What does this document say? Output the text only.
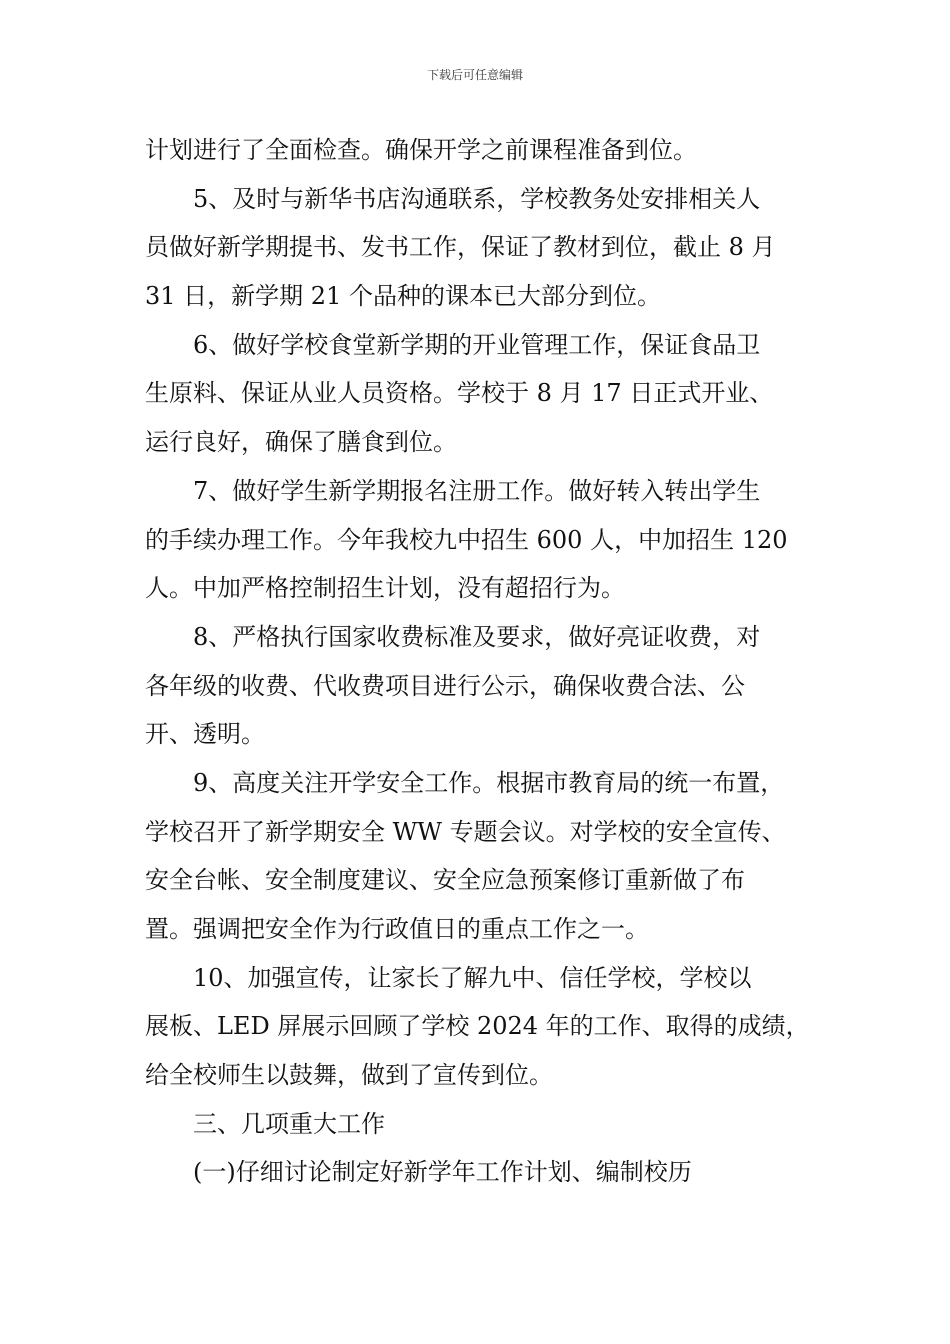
下载后可任意编辑
计划进行了全面检查。确保开学之前课程准备到位。
5、及时与新华书店沟通联系，学校教务处安排相关人
员做好新学期提书、发书工作，保证了教材到位，截止 8 月
31 日，新学期 21 个品种的课本已大部分到位。
6、做好学校食堂新学期的开业管理工作，保证食品卫
生原料、保证从业人员资格。学校于 8 月 17 日正式开业、
运行良好，确保了膳食到位。
7、做好学生新学期报名注册工作。做好转入转出学生
的手续办理工作。今年我校九中招生 600 人，中加招生 120
人。中加严格控制招生计划，没有超招行为。
8、严格执行国家收费标准及要求，做好亮证收费，对
各年级的收费、代收费项目进行公示，确保收费合法、公
开、透明。
9、高度关注开学安全工作。根据市教育局的统一布置，
学校召开了新学期安全 WW 专题会议。对学校的安全宣传、
安全台帐、安全制度建议、安全应急预案修订重新做了布
置。强调把安全作为行政值日的重点工作之一。
10、加强宣传，让家长了解九中、信任学校，学校以
展板、LED 屏展示回顾了学校 2024 年的工作、取得的成绩，
给全校师生以鼓舞，做到了宣传到位。
三、几项重大工作
(一)仔细讨论制定好新学年工作计划、编制校历
